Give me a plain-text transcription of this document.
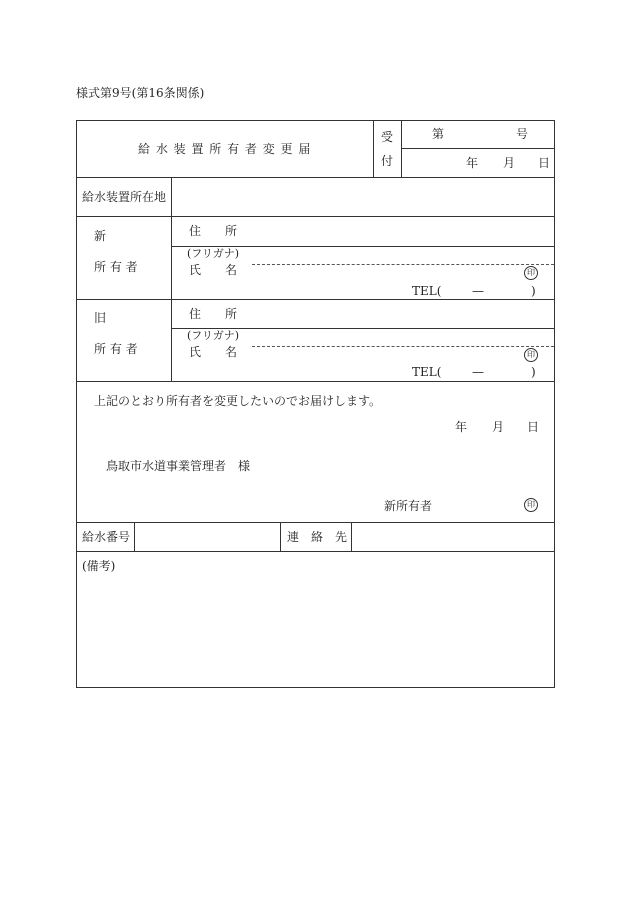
様式第9号(第16条関係)
給 水 装 置 所 有 者 変 更 届
受
付
第	号
年 月 日
給水装置所在地
新
所 有 者
住　　所
(フリガナ)
氏　　名	印
TEL(	—	)
旧
所 有 者
住　　所
(フリガナ)
氏　　名	印
TEL(	—	)
上記のとおり所有者を変更したいのでお届けします。
年 月 日
鳥取市水道事業管理者　様
新所有者	印
給水番号	連　絡　先
(備考)
